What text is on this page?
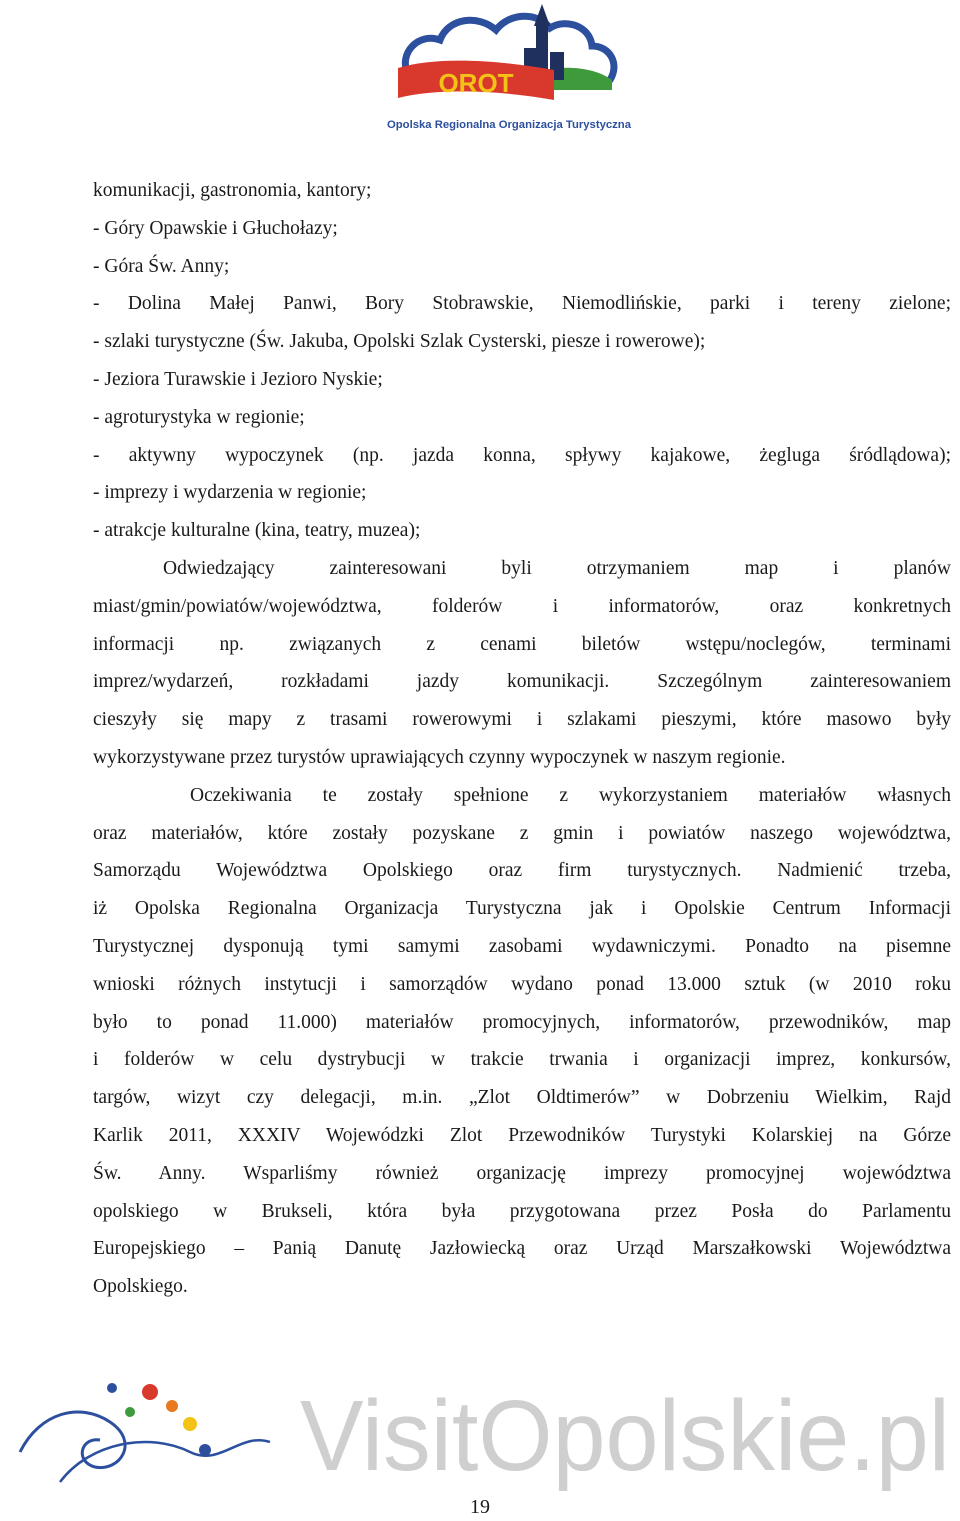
OROT
Opolska Regionalna Organizacja Turystyczna
komunikacji, gastronomia, kantory;
- Góry Opawskie i Głuchołazy;
- Góra Św. Anny;
- Dolina Małej Panwi, Bory Stobrawskie, Niemodlińskie, parki i tereny zielone;
- szlaki turystyczne (Św. Jakuba, Opolski Szlak Cysterski, piesze i rowerowe);
- Jeziora Turawskie i Jezioro Nyskie;
- agroturystyka w regionie;
- aktywny wypoczynek (np. jazda konna, spływy kajakowe, żegluga śródlądowa);
- imprezy i wydarzenia w regionie;
- atrakcje kulturalne (kina, teatry, muzea);
Odwiedzający zainteresowani byli otrzymaniem map i planów
miast/gmin/powiatów/województwa, folderów i informatorów, oraz konkretnych
informacji np. związanych z cenami biletów wstępu/noclegów, terminami
imprez/wydarzeń, rozkładami jazdy komunikacji. Szczególnym zainteresowaniem
cieszyły się mapy z trasami rowerowymi i szlakami pieszymi, które masowo były
wykorzystywane przez turystów uprawiających czynny wypoczynek w naszym regionie.
Oczekiwania te zostały spełnione z wykorzystaniem materiałów własnych
oraz materiałów, które zostały pozyskane z gmin i powiatów naszego województwa,
Samorządu Województwa Opolskiego oraz firm turystycznych. Nadmienić trzeba,
iż Opolska Regionalna Organizacja Turystyczna jak i Opolskie Centrum Informacji
Turystycznej dysponują tymi samymi zasobami wydawniczymi. Ponadto na pisemne
wnioski różnych instytucji i samorządów wydano ponad 13.000 sztuk (w 2010 roku
było to ponad 11.000) materiałów promocyjnych, informatorów, przewodników, map
i folderów w celu dystrybucji w trakcie trwania i organizacji imprez, konkursów,
targów, wizyt czy delegacji, m.in. „Zlot Oldtimerów” w Dobrzeniu Wielkim, Rajd
Karlik 2011, XXXIV Wojewódzki Zlot Przewodników Turystyki Kolarskiej na Górze
Św. Anny. Wsparliśmy również organizację imprezy promocyjnej województwa
opolskiego w Brukseli, która była przygotowana przez Posła do Parlamentu
Europejskiego – Panią Danutę Jazłowiecką oraz Urząd Marszałkowski Województwa
Opolskiego.
VisitOpolskie.pl
19
